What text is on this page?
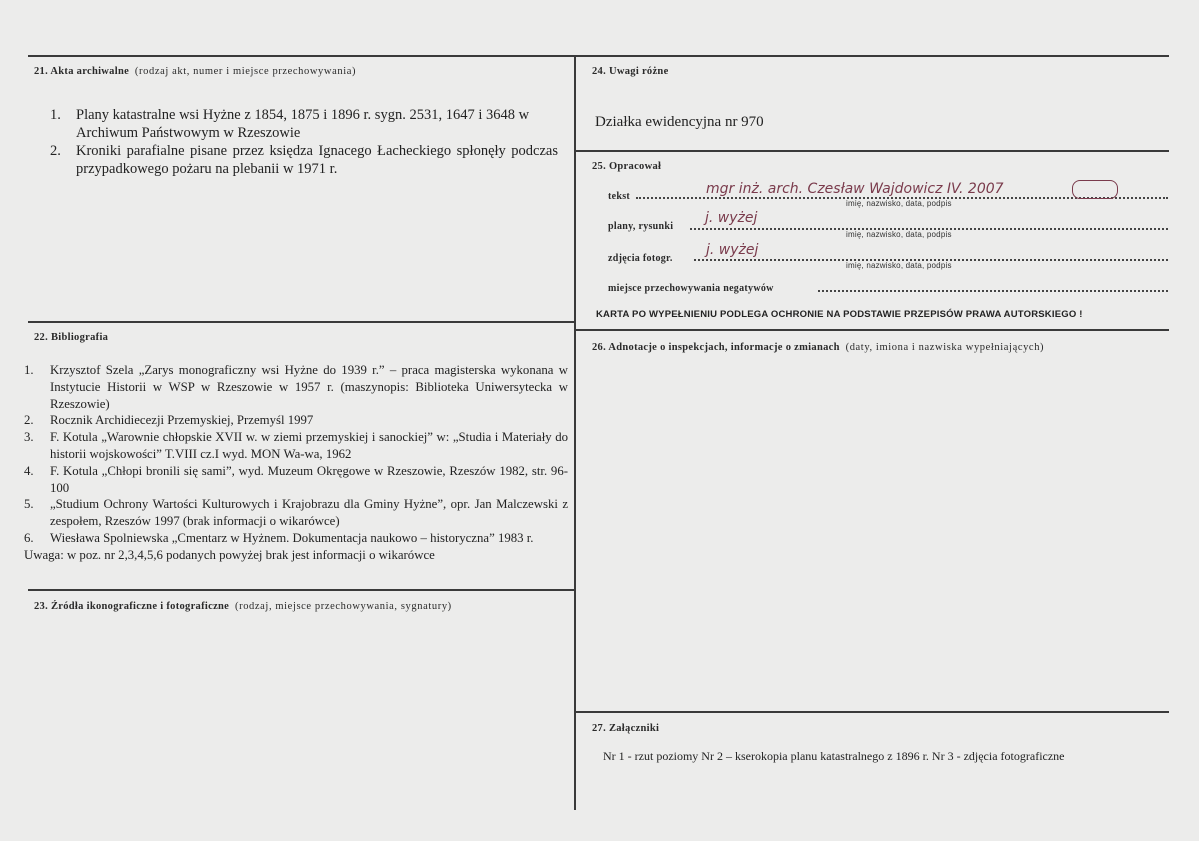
21. Akta archiwalne (rodzaj akt, numer i miejsce przechowywania)
1. Plany katastralne wsi Hyżne z 1854, 1875 i 1896 r. sygn. 2531, 1647 i 3648 w Archiwum Państwowym w Rzeszowie
2. Kroniki parafialne pisane przez księdza Ignacego Łacheckiego spłonęły podczas przypadkowego pożaru na plebanii w 1971 r.
22. Bibliografia
1. Krzysztof Szela „Zarys monograficzny wsi Hyżne do 1939 r.” – praca magisterska wykonana w Instytucie Historii w WSP w Rzeszowie w 1957 r. (maszynopis: Biblioteka Uniwersytecka w Rzeszowie)
2. Rocznik Archidiecezji Przemyskiej, Przemyśl 1997
3. F. Kotula „Warownie chłopskie XVII w. w ziemi przemyskiej i sanockiej” w: „Studia i Materiały do historii wojskowości” T.VIII cz.I wyd. MON Wa-wa, 1962
4. F. Kotula „Chłopi bronili się sami”, wyd. Muzeum Okręgowe w Rzeszowie, Rzeszów 1982, str. 96-100
5. „Studium Ochrony Wartości Kulturowych i Krajobrazu dla Gminy Hyżne”, opr. Jan Malczewski z zespołem, Rzeszów 1997 (brak informacji o wikarówce)
6. Wiesława Spolniewska „Cmentarz w Hyżnem. Dokumentacja naukowo – historyczna” 1983 r.
Uwaga: w poz. nr 2,3,4,5,6 podanych powyżej brak jest informacji o wikarówce
23. Źródła ikonograficzne i fotograficzne (rodzaj, miejsce przechowywania, sygnatury)
24. Uwagi różne
Działka ewidencyjna nr 970
25. Opracował
tekst	mgr inż. arch. Czesław Wajdowicz IV. 2007
imię, nazwisko, data, podpis
plany, rysunki
j. wyżej
imię, nazwisko, data, podpis
zdjęcia fotogr.
j. wyżej
imię, nazwisko, data, podpis
miejsce przechowywania negatywów
KARTA PO WYPEŁNIENIU PODLEGA OCHRONIE NA PODSTAWIE PRZEPISÓW PRAWA AUTORSKIEGO !
26. Adnotacje o inspekcjach, informacje o zmianach (daty, imiona i nazwiska wypełniających)
27. Załączniki
Nr 1 - rzut poziomy Nr 2 – kserokopia planu katastralnego z 1896 r. Nr 3 - zdjęcia fotograficzne
